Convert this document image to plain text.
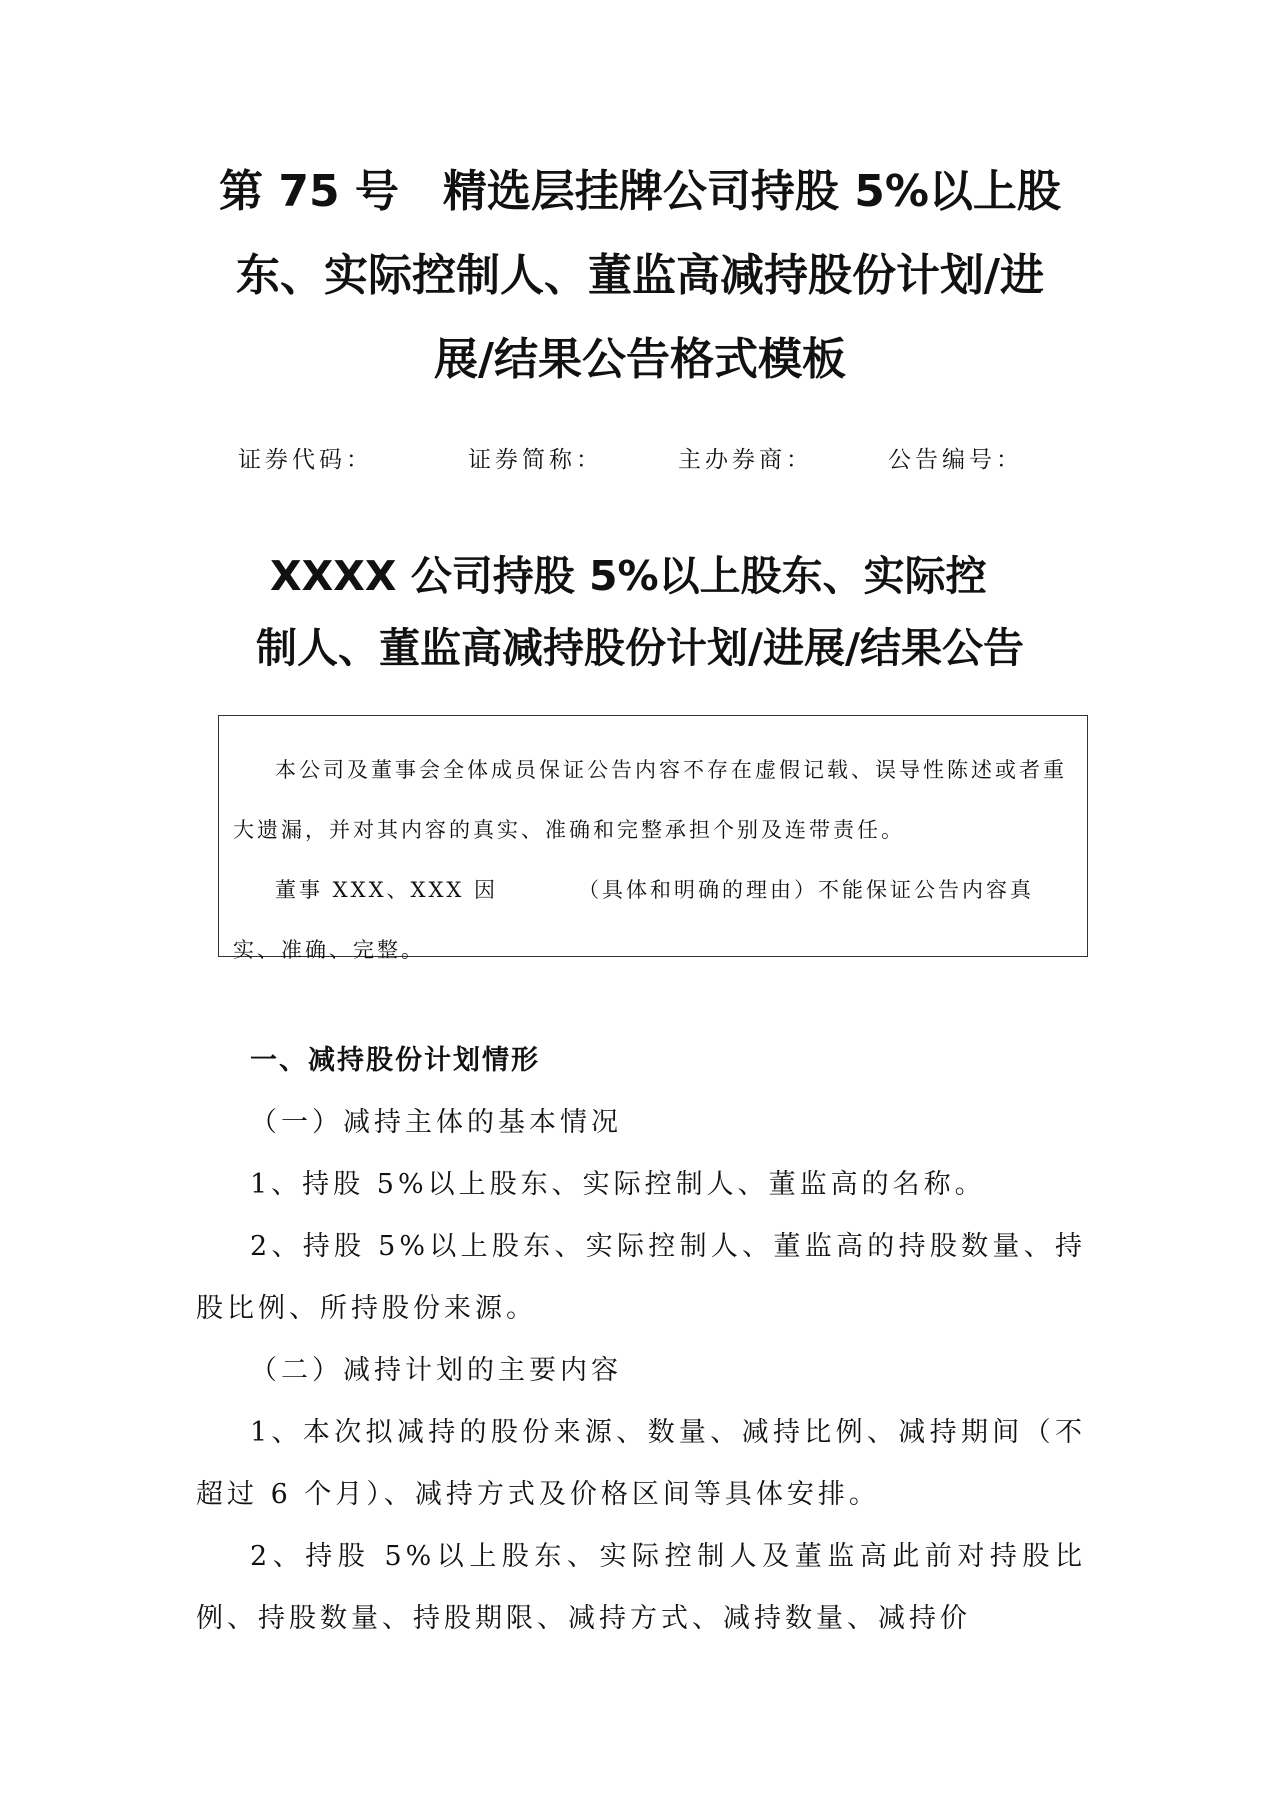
第 75 号　精选层挂牌公司持股 5%以上股
东、实际控制人、董监高减持股份计划/进
展/结果公告格式模板
证券代码：	证券简称：	主办券商：	公告编号：
XXXX 公司持股 5%以上股东、实际控
制人、董监高减持股份计划/进展/结果公告

本公司及董事会全体成员保证公告内容不存在虚假记载、误导性陈述或者重大遗漏，并对其内容的真实、准确和完整承担个别及连带责任。

董事 XXX、XXX 因	（具体和明确的理由）不能保证公告内容真实、准确、完整。

一、减持股份计划情形

（一）减持主体的基本情况

1、持股 5%以上股东、实际控制人、董监高的名称。

2、持股 5%以上股东、实际控制人、董监高的持股数量、持股比例、所持股份来源。

（二）减持计划的主要内容

1、本次拟减持的股份来源、数量、减持比例、减持期间（不超过 6 个月）、减持方式及价格区间等具体安排。

2、持股 5%以上股东、实际控制人及董监高此前对持股比例、持股数量、持股期限、减持方式、减持数量、减持价
